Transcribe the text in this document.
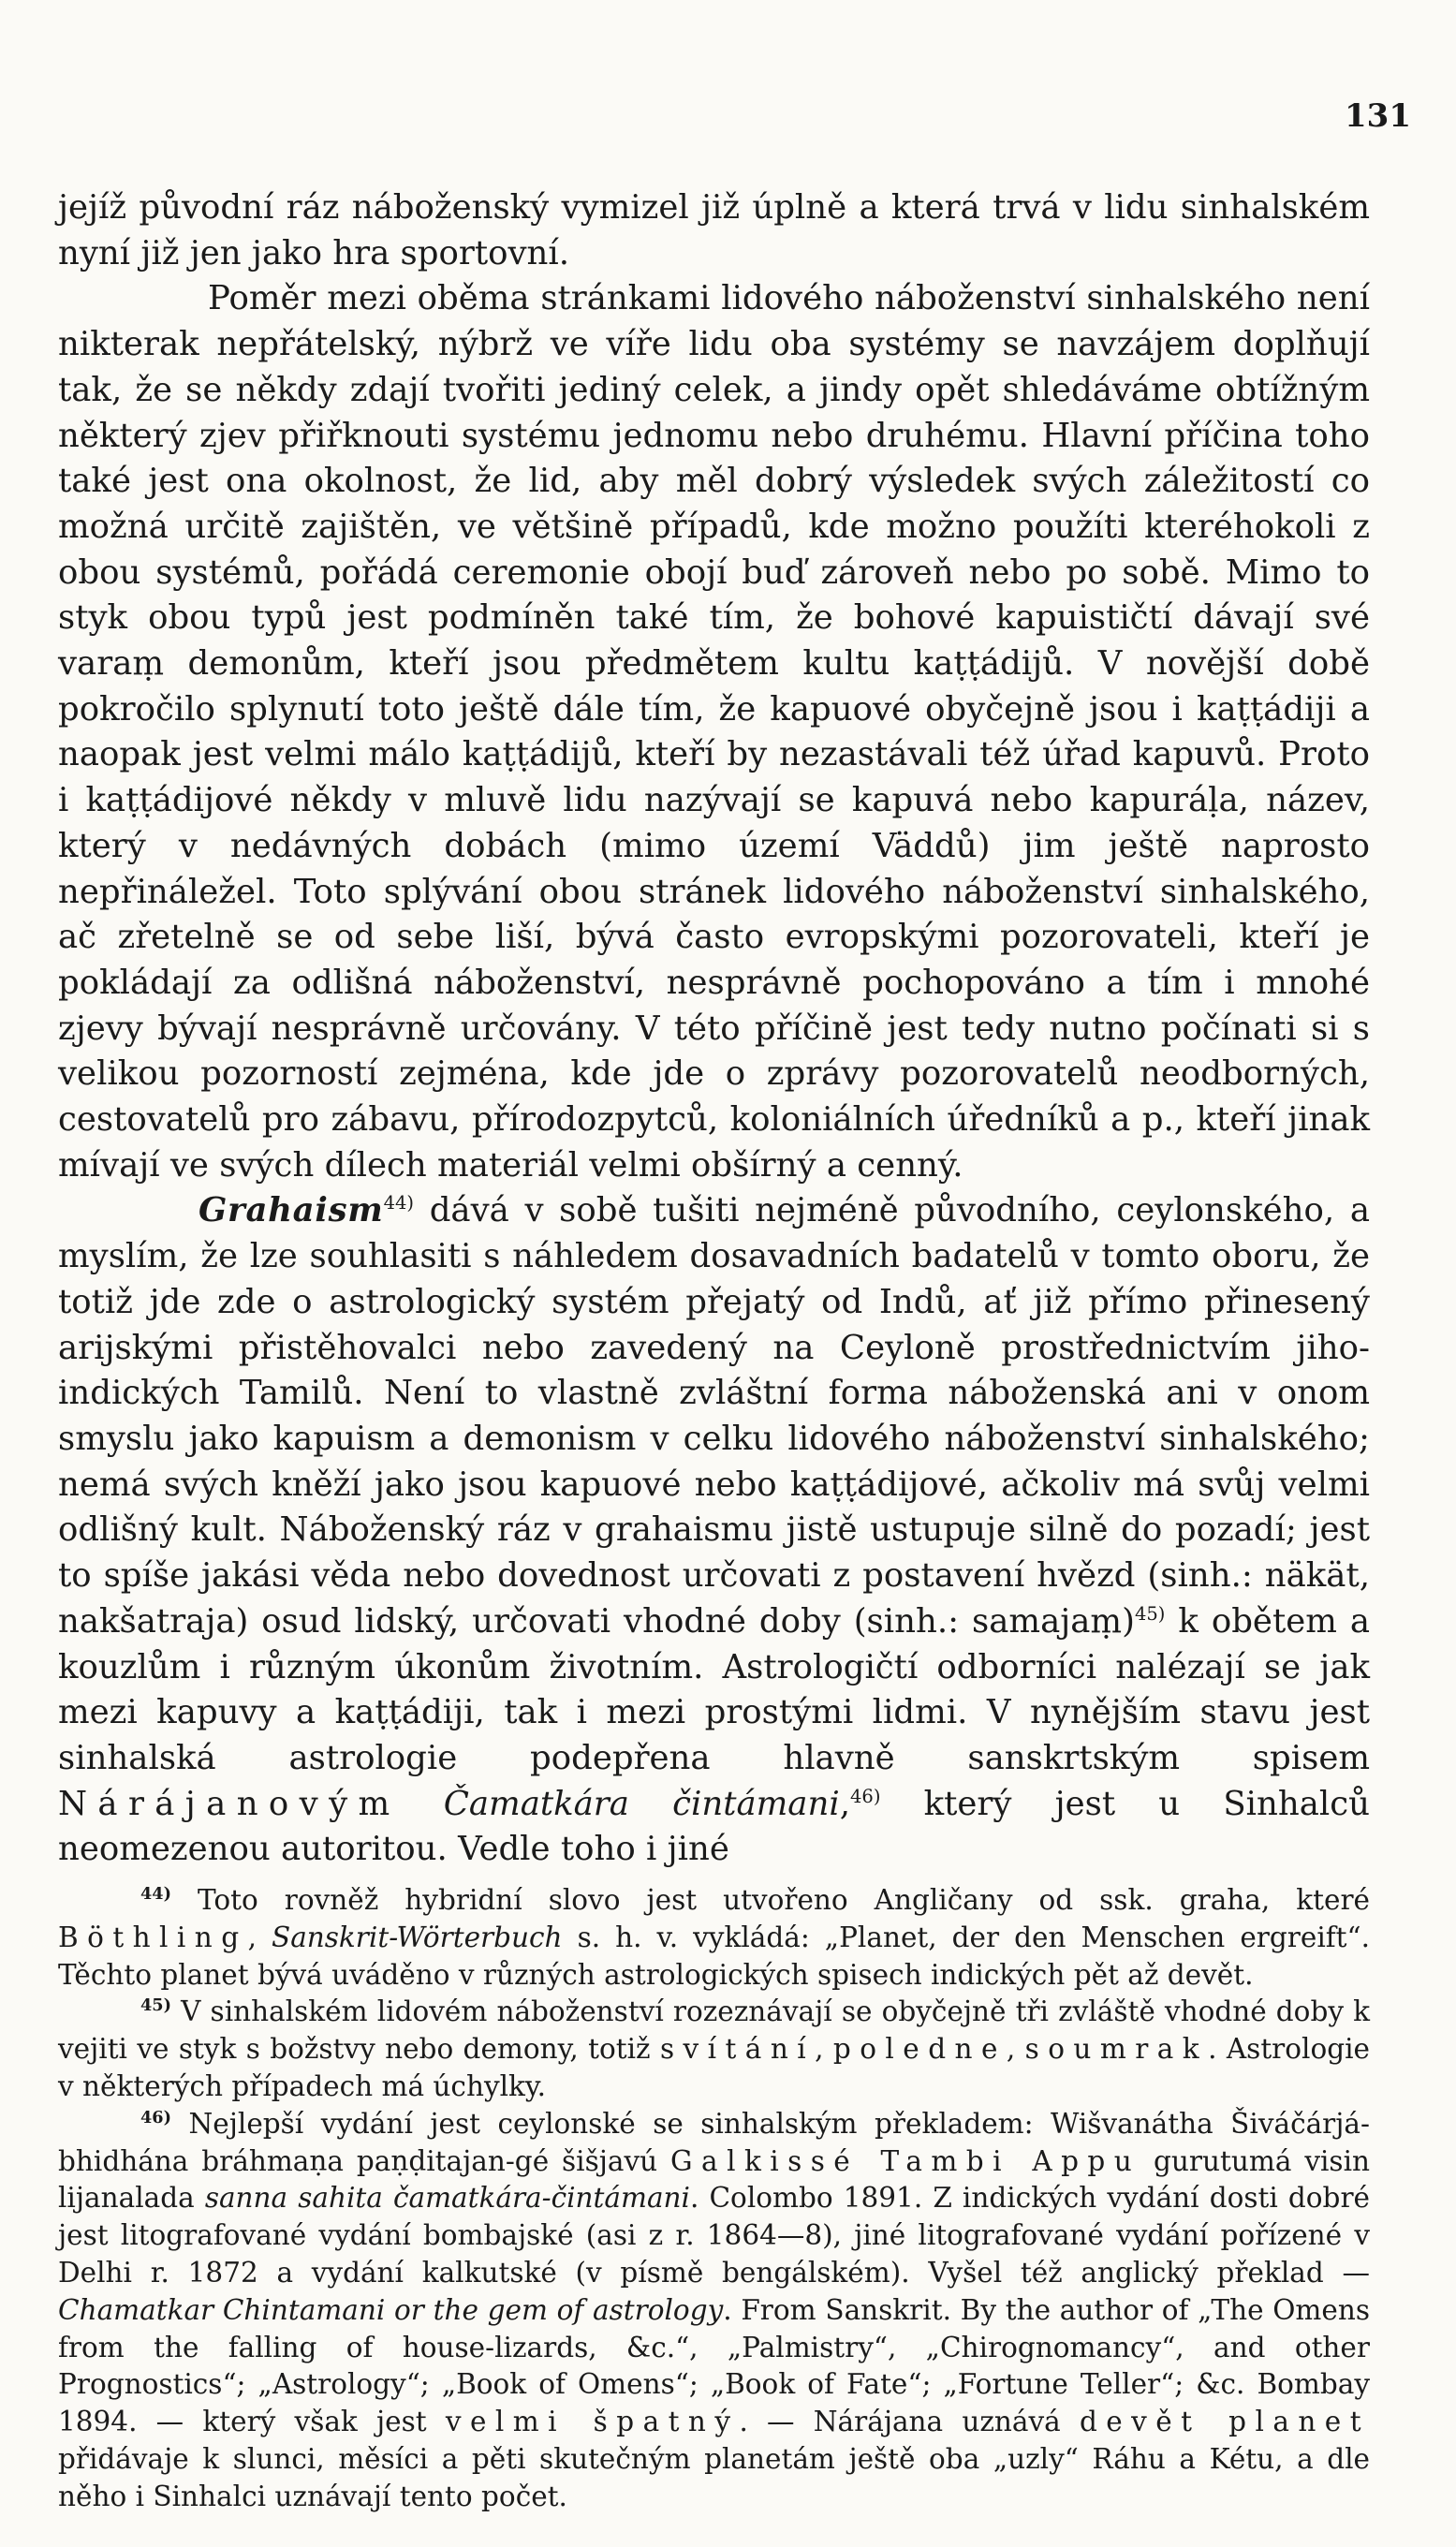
131

jejíž původní ráz náboženský vymizel již úplně a která trvá v lidu sinhalském nyní již jen jako hra sportovní.

Poměr mezi oběma stránkami lidového náboženství sinhalského není nikterak nepřátelský, nýbrž ve víře lidu oba systémy se navzájem doplňují tak, že se někdy zdají tvořiti jediný celek, a jindy opět shledáváme obtížným některý zjev přiřknouti systému jednomu nebo druhému. Hlavní příčina toho také jest ona okolnost, že lid, aby měl dobrý výsledek svých záležitostí co možná určitě zajištěn, ve většině případů, kde možno použíti kteréhokoli z obou systémů, pořádá ceremonie obojí buď zároveň nebo po sobě. Mimo to styk obou typů jest podmíněn také tím, že bohové kapuističtí dávají své varaṃ demonům, kteří jsou předmětem kultu kaṭṭádijů. V novější době pokročilo splynutí toto ještě dále tím, že kapuové obyčejně jsou i kaṭṭádiji a naopak jest velmi málo kaṭṭádijů, kteří by nezastávali též úřad kapuvů. Proto i kaṭṭádijové někdy v mluvě lidu nazývají se kapuvá nebo kapuráḷa, název, který v nedávných dobách (mimo území Väddů) jim ještě naprosto nepřináležel. Toto splývání obou stránek lidového náboženství sinhalského, ač zřetelně se od sebe liší, bývá často evropskými pozorovateli, kteří je pokládají za odlišná náboženství, nesprávně pochopováno a tím i mnohé zjevy bývají nesprávně určovány. V této příčině jest tedy nutno počínati si s velikou pozorností zejména, kde jde o zprávy pozorovatelů neodborných, cestovatelů pro zábavu, přírodozpytců, koloniálních úředníků a p., kteří jinak mívají ve svých dílech materiál velmi obšírný a cenný.

Grahaism$^{44)}$ dává v sobě tušiti nejméně původního, ceylonského, a myslím, že lze souhlasiti s náhledem dosavadních badatelů v tomto oboru, že totiž jde zde o astrologický systém přejatý od Indů, ať již přímo přinesený arijskými přistěhovalci nebo zavedený na Ceyloně prostřednictvím jiho-indických Tamilů. Není to vlastně zvláštní forma náboženská ani v onom smyslu jako kapuism a demonism v celku lidového náboženství sinhalského; nemá svých kněží jako jsou kapuové nebo kaṭṭádijové, ačkoliv má svůj velmi odlišný kult. Náboženský ráz v grahaismu jistě ustupuje silně do pozadí; jest to spíše jakási věda nebo dovednost určovati z postavení hvězd (sinh.: näkät, nakšatraja) osud lidský, určovati vhodné doby (sinh.: samajaṃ)$^{45)}$ k obětem a kouzlům i různým úkonům životním. Astrologičtí odborníci nalézají se jak mezi kapuvy a kaṭṭádiji, tak i mezi prostými lidmi. V nynějším stavu jest sinhalská astrologie podepřena hlavně sanskrtským spisem Nárájanovým Čamatkára čintámani,$^{46)}$ který jest u Sinhalců neomezenou autoritou. Vedle toho i jiné

$^{44)}$ Toto rovněž hybridní slovo jest utvořeno Angličany od ssk. graha, které Böthling, Sanskrit-Wörterbuch s. h. v. vykládá: „Planet, der den Menschen ergreift“. Těchto planet bývá uváděno v různých astrologických spisech indických pět až devět.

$^{45)}$ V sinhalském lidovém náboženství rozeznávají se obyčejně tři zvláště vhodné doby k vejiti ve styk s božstvy nebo demony, totiž svítání, poledne, soumrak. Astrologie v některých případech má úchylky.

$^{46)}$ Nejlepší vydání jest ceylonské se sinhalským překladem: Wišvanátha Šiváčárjá-bhidhána bráhmaṇa paṇḍitajan-gé šišjavú Galkissé Tambi Appu gurutumá visin lijanalada sanna sahita čamatkára-čintámani. Colombo 1891. Z indických vydání dosti dobré jest litografované vydání bombajské (asi z r. 1864—8), jiné litografované vydání pořízené v Delhi r. 1872 a vydání kalkutské (v písmě bengálském). Vyšel též anglický překlad — Chamatkar Chintamani or the gem of astrology. From Sanskrit. By the author of „The Omens from the falling of house-lizards, &c.“, „Palmistry“, „Chirognomancy“, and other Prognostics“; „Astrology“; „Book of Omens“; „Book of Fate“; „Fortune Teller“; &c. Bombay 1894. — který však jest velmi špatný. — Nárájana uznává devět planet přidávaje k slunci, měsíci a pěti skutečným planetám ještě oba „uzly“ Ráhu a Kétu, a dle něho i Sinhalci uznávají tento počet.
